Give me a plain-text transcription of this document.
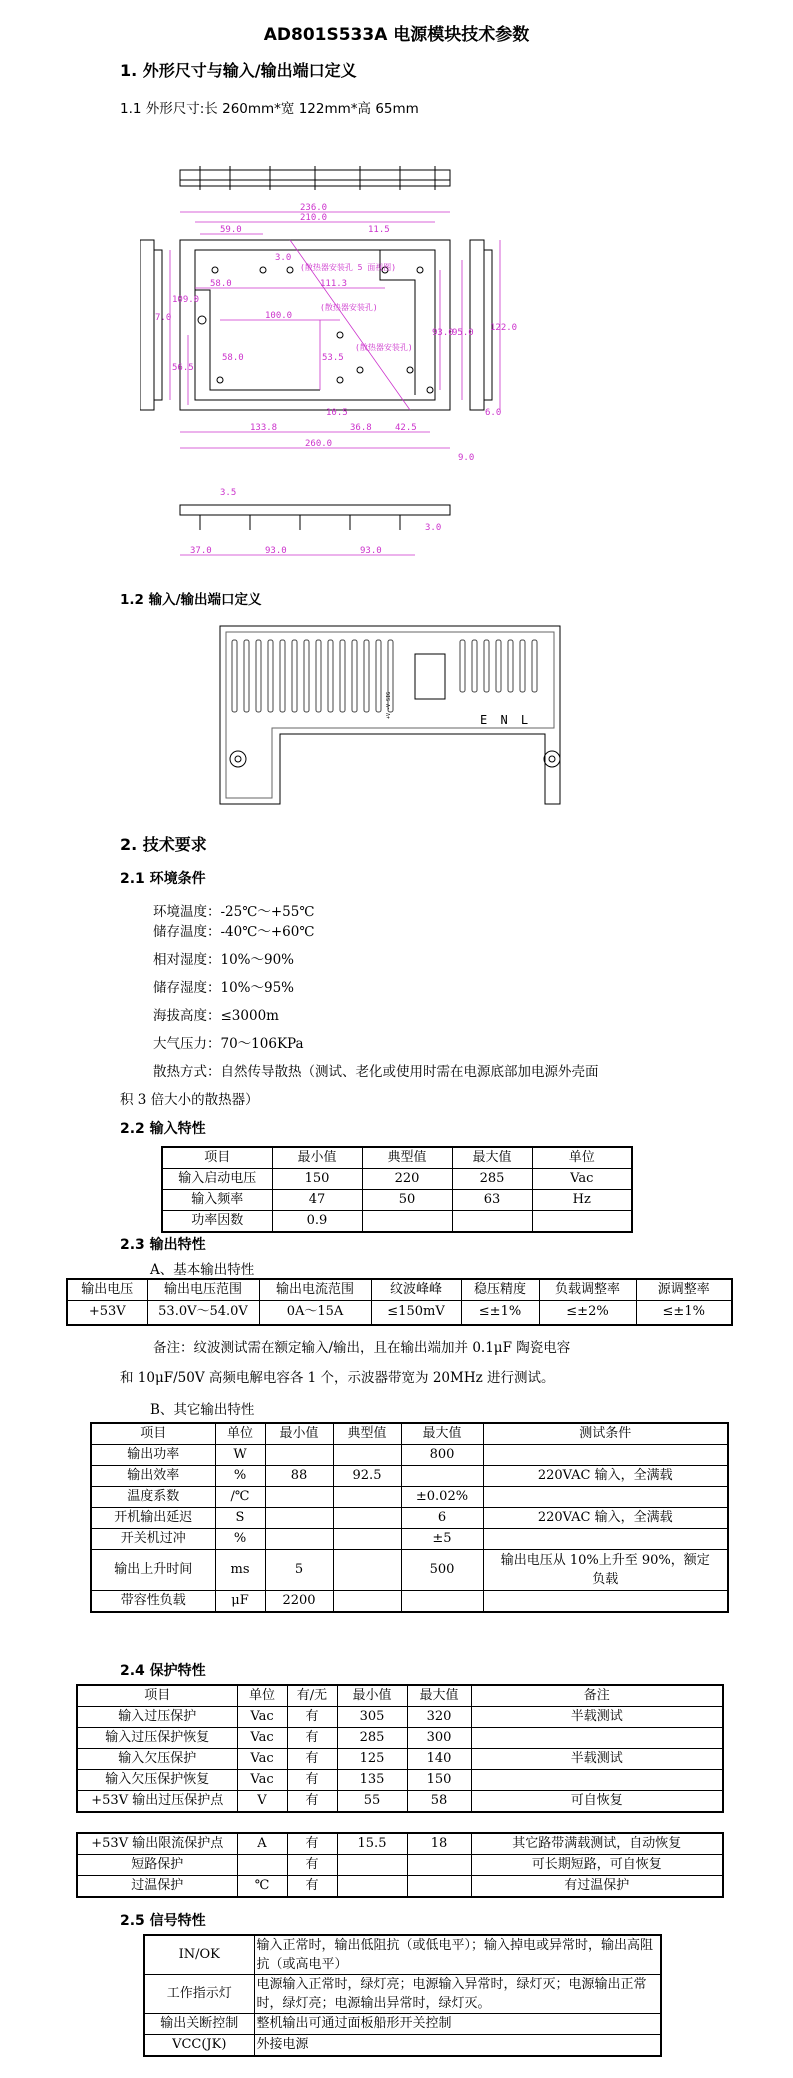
AD801S533A 电源模块技术参数
1. 外形尺寸与输入/输出端口定义
1.1 外形尺寸:长 260mm*宽 122mm*高 65mm
236.0
210.0
59.0	11.5
3.0
58.0	111.3
100.0
93.0
95.0 122.0
7.0
109.0
56.5
58.0	53.5
133.8	36.8	42.5
10.5
260.0
9.0
3.5
37.0	93.0	93.0
6.0
3.0
(散热器安装孔 5 面视图)
(散热器安装孔)
(散热器安装孔)
1.2 输入/输出端口定义
+V -V SIG
E N L
2. 技术要求
2.1 环境条件
环境温度：-25℃～+55℃
储存温度：-40℃～+60℃
相对湿度：10%～90%
储存湿度：10%～95%
海拔高度：≤3000m
大气压力：70～106KPa
散热方式：自然传导散热（测试、老化或使用时需在电源底部加电源外壳面
积 3 倍大小的散热器）
2.2 输入特性
项目	最小值	典型值	最大值	单位
输入启动电压	150	220	285	Vac
输入频率	47	50	63	Hz
功率因数	0.9			
2.3 输出特性
A、基本输出特性
输出电压	输出电压范围	输出电流范围	纹波峰峰	稳压精度	负载调整率	源调整率
+53V	53.0V～54.0V	0A～15A	≤150mV	≤±1%	≤±2%	≤±1%
备注：纹波测试需在额定输入/输出，且在输出端加并 0.1μF 陶瓷电容
和 10μF/50V 高频电解电容各 1 个，示波器带宽为 20MHz 进行测试。
B、其它输出特性
项目	单位	最小值	典型值	最大值	测试条件
输出功率	W			800	
输出效率	%	88	92.5		220VAC 输入，全满载
温度系数	/℃			±0.02%	
开机输出延迟	S			6	220VAC 输入，全满载
开关机过冲	%			±5	
输出上升时间	ms	5		500	输出电压从 10%上升至 90%，额定负载
带容性负载	μF	2200			
2.4 保护特性
项目	单位	有/无	最小值	最大值	备注
输入过压保护	Vac	有	305	320	半载测试
输入过压保护恢复	Vac	有	285	300	
输入欠压保护	Vac	有	125	140	半载测试
输入欠压保护恢复	Vac	有	135	150	
+53V 输出过压保护点	V	有	55	58	可自恢复
+53V 输出限流保护点	A	有	15.5	18	其它路带满载测试，自动恢复
短路保护		有			可长期短路，可自恢复
过温保护	℃	有			有过温保护
2.5 信号特性
IN/OK	输入正常时，输出低阻抗（或低电平）；输入掉电或异常时，输出高阻抗（或高电平）
工作指示灯	电源输入正常时，绿灯亮；电源输入异常时，绿灯灭；电源输出正常时，绿灯亮；电源输出异常时，绿灯灭。
输出关断控制	整机输出可通过面板船形开关控制
VCC(JK)	外接电源
